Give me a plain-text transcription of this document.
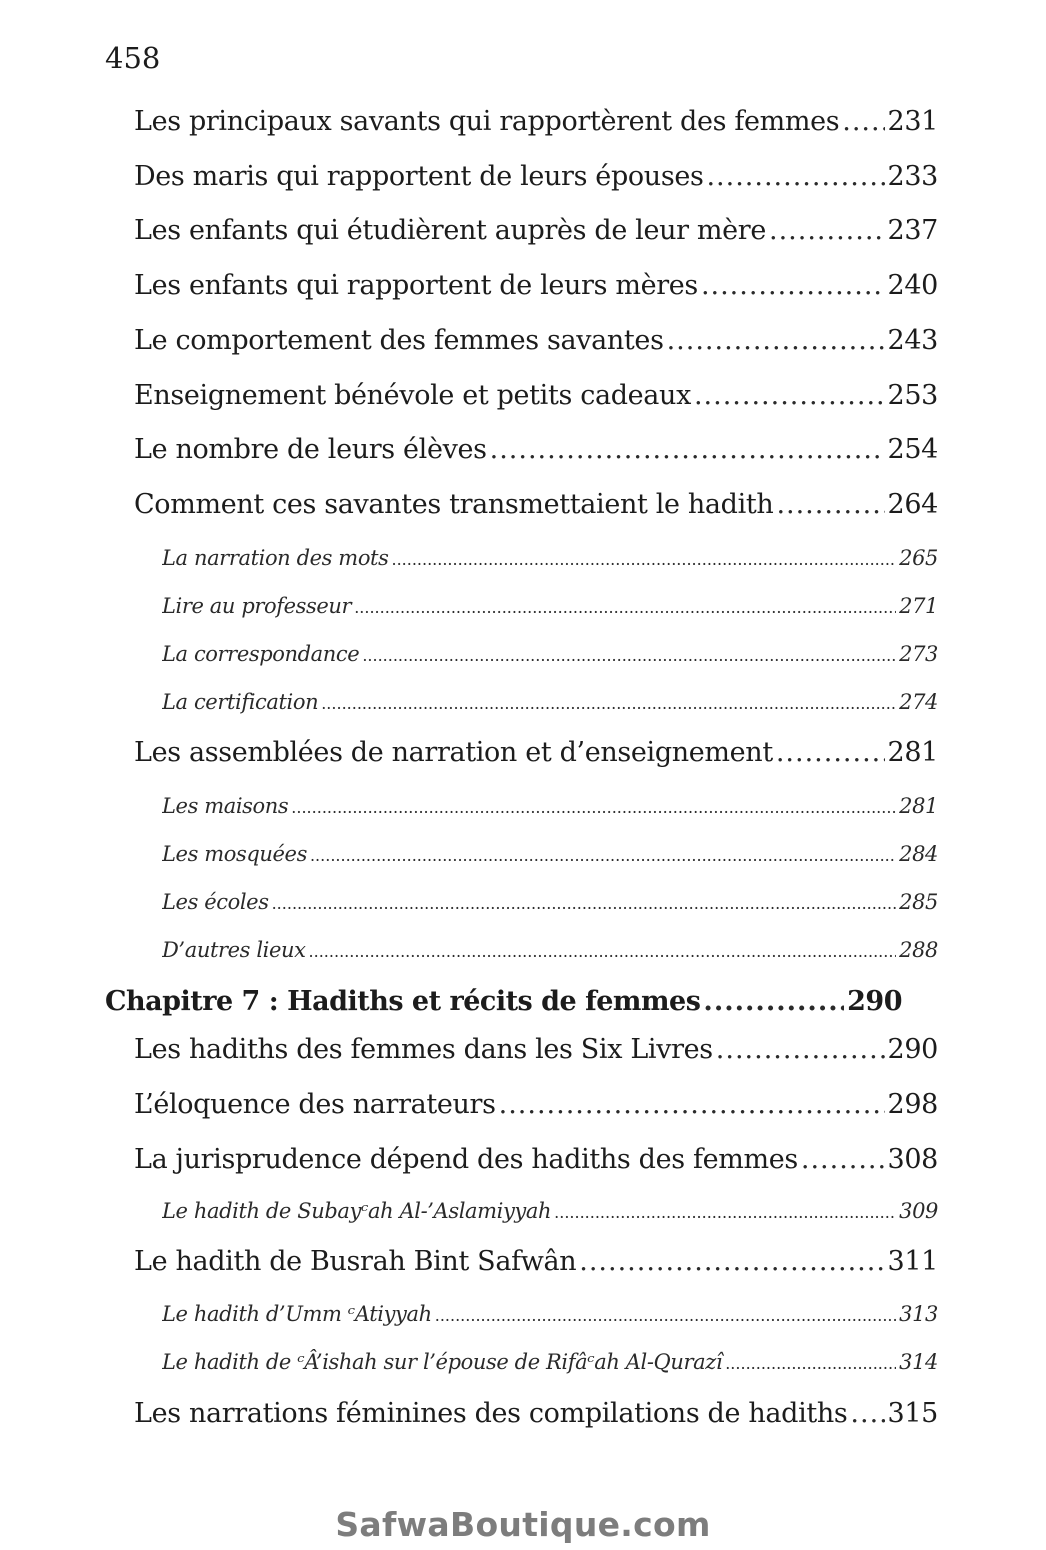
458
Les principaux savants qui rapportèrent des femmes ..... 231
Des maris qui rapportent de leurs épouses .....	233
Les enfants qui étudièrent auprès de leur mère .....	237
Les enfants qui rapportent de leurs mères .....	240
Le comportement des femmes savantes .....	243
Enseignement bénévole et petits cadeaux .....	253
Le nombre de leurs élèves .....	254
Comment ces savantes transmettaient le hadith .....	264
La narration des mots .....	265
Lire au professeur .....	271
La correspondance .....	273
La certification .....	274
Les assemblées de narration et d’enseignement .....	281
Les maisons .....	281
Les mosquées .....	284
Les écoles .....	285
D’autres lieux .....	288
Chapitre 7 : Hadiths et récits de femmes .....	290
Les hadiths des femmes dans les Six Livres .....	290
L’éloquence des narrateurs .....	298
La jurisprudence dépend des hadiths des femmes .....	308
Le hadith de Subayᶜah Al-’Aslamiyyah .....	309
Le hadith de Busrah Bint Safwân .....	311
Le hadith d’Umm ᶜAtiyyah .....	313
Le hadith de ᶜÂ’ishah sur l’épouse de Rifâᶜah Al-Qurazî .....	314
Les narrations féminines des compilations de hadiths ..... 315
SafwaBoutique.com
